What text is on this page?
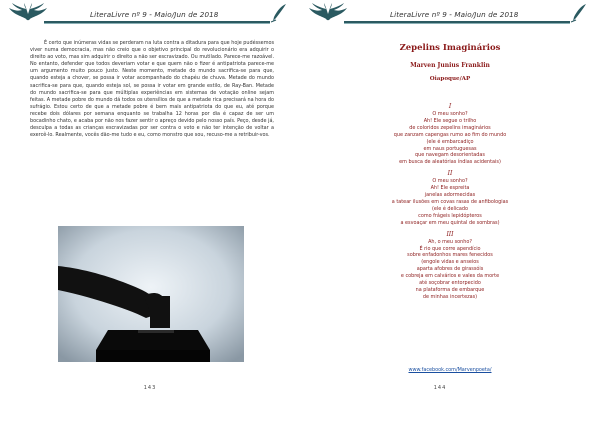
LiteraLivre nº 9 - Maio/Jun de 2018

É certo que inúmeras vidas se perderam na luta contra a ditadura para que hoje pudéssemos viver numa democracia, mas não creio que o objetivo principal do revolucionário era adquirir o direito ao voto, mas sim adquirir o direito a não ser escravizado. Ou mutilado. Parece-me razoável. No entanto, defender que todos deveriam votar e que quem não o fizer é antipatriota parece-me um argumento muito pouco justo. Neste momento, metade do mundo sacrifica-se para que, quando esteja a chover, se possa ir votar acompanhado do chapéu de chuva. Metade do mundo sacrifica-se para que, quando esteja sol, se possa ir votar em grande estilo, de Ray-Ban. Metade do mundo sacrifica-se para que múltiplas experiências em sistemas de votação online sejam feitas. A metade pobre do mundo dá todos os utensílios de que a metade rica precisará na hora do sufrágio. Estou certo de que a metade pobre é bem mais antipatriota do que eu, até porque recebe dois dólares por semana enquanto se trabalha 12 horas por dia é capaz de ser um bocadinho chato, e acaba por não nos fazer sentir o apreço devido pelo nosso país. Peço, desde já, desculpa a todas as crianças escravizadas por ser contra o voto e não ter intenção de voltar a exercê-lo. Realmente, vocês dão-me tudo e eu, como monstro que sou, recuso-me a retribuir-vos.

143
LiteraLivre nº 9 - Maio/Jun de 2018
Zepelins Imaginários
Marven Junius Franklin
Oiapoque/AP
I
O meu sonho?
Ah! Ele segue o trilho
de coloridos zepelins imaginários
que zanzam capengas rumo ao fim do mundo
(ele é embarcadiço
em naus portuguesas
que navegam desorientadas
em busca de aleatórias índias acidentais)
II
O meu sonho?
Ah! Ele espreita
janelas adormecidas
a tatear ilusões em covas rasas de anfibologias
(ele é delicado
como frágeis lepidópteros
a esvoaçar em meu quintal de sombras)
III
Ah, o meu sonho?
É rio que corre apendício
sobre enfadonhos mares fenecidos
(engole vidas e anseios
aparta afobres de girassóis
e cobreja em calvários e vales da morte
até soçobrar entorpecido
na plataforma de embarque
de minhas incertezas)
www.facebook.com/Marvenpoeta/
144
